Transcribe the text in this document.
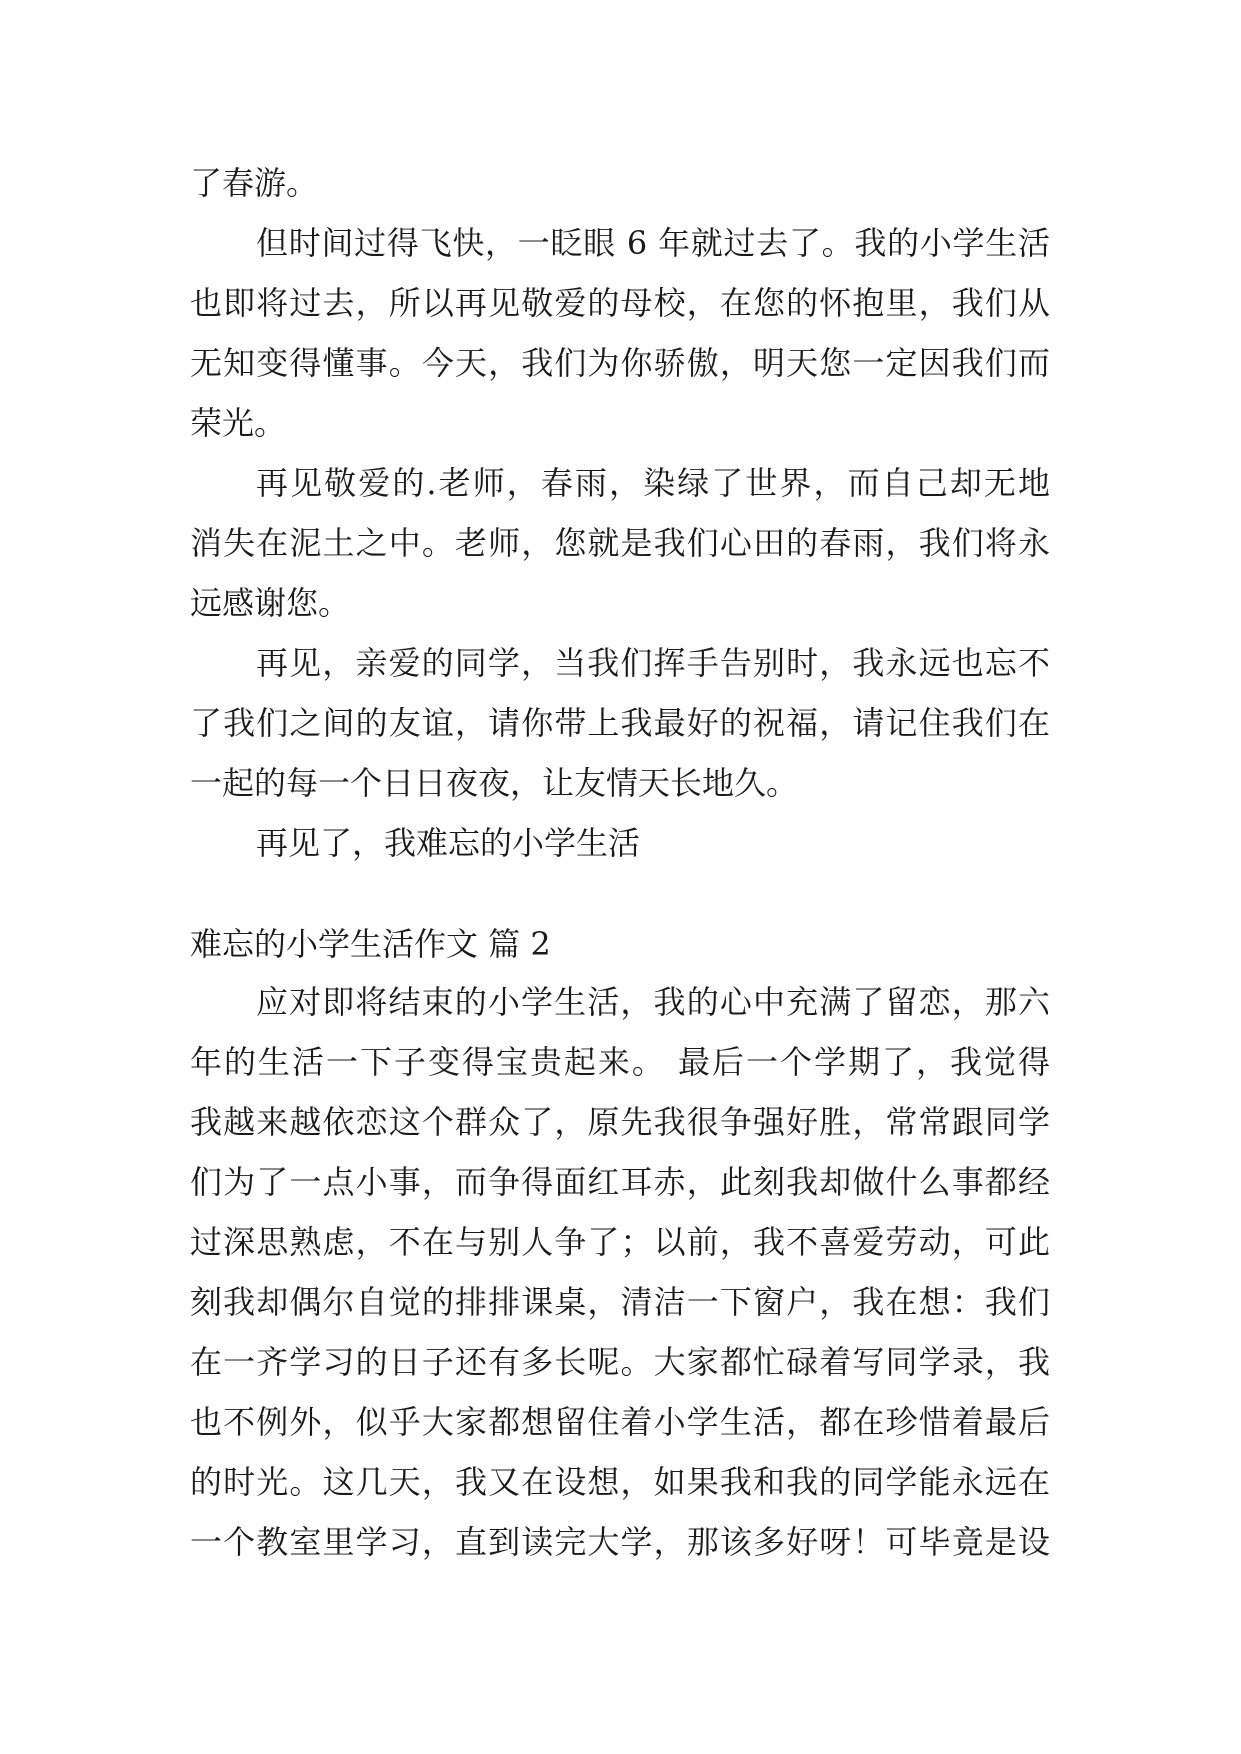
了春游。
但时间过得飞快，一眨眼 6 年就过去了。我的小学生活
也即将过去，所以再见敬爱的母校，在您的怀抱里，我们从
无知变得懂事。今天，我们为你骄傲，明天您一定因我们而
荣光。
再见敬爱的.老师，春雨，染绿了世界，而自己却无地
消失在泥土之中。老师，您就是我们心田的春雨，我们将永
远感谢您。
再见，亲爱的同学，当我们挥手告别时，我永远也忘不
了我们之间的友谊，请你带上我最好的祝福，请记住我们在
一起的每一个日日夜夜，让友情天长地久。
再见了，我难忘的小学生活
难忘的小学生活作文 篇 2
应对即将结束的小学生活，我的心中充满了留恋，那六
年的生活一下子变得宝贵起来。 最后一个学期了，我觉得
我越来越依恋这个群众了，原先我很争强好胜，常常跟同学
们为了一点小事，而争得面红耳赤，此刻我却做什么事都经
过深思熟虑，不在与别人争了；以前，我不喜爱劳动，可此
刻我却偶尔自觉的排排课桌，清洁一下窗户，我在想：我们
在一齐学习的日子还有多长呢。大家都忙碌着写同学录，我
也不例外，似乎大家都想留住着小学生活，都在珍惜着最后
的时光。这几天，我又在设想，如果我和我的同学能永远在
一个教室里学习，直到读完大学，那该多好呀！可毕竟是设
